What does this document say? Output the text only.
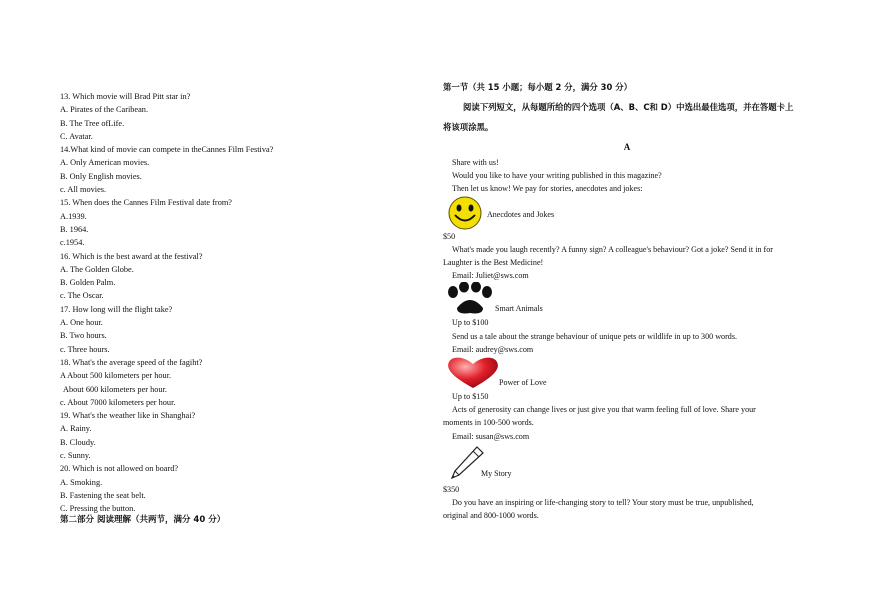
13. Which movie will Brad Pitt star in?
A. Pirates of the Caribean.
B. The Tree ofLife.
C. Avatar.
14.What kind of movie can compete in theCannes Film Festiva?
A. Only American movies.
B. Only English movies.
c. All movies.
15. When does the Cannes Film Festival date from?
A.1939.
B. 1964.
c.1954.
16. Which is the best award at the festival?
A. The Golden Globe.
B. Golden Palm.
c. The Oscar.
17. How long will the flight take?
A. One hour.
B. Two hours.
c. Three hours.
18. What's the average speed of the fagiht?
A About 500 kilometers per hour.
About 600 kilometers per hour.
c. About 7000 kilometers per hour.
19. What's the weather like in Shanghai?
A. Rainy.
B. Cloudy.
c. Sunny.
20. Which is not allowed on board?
A. Smoking.
B. Fastening the seat belt.
C. Pressing the button.
第二部分 阅读理解（共两节，满分 40 分）
第一节（共 15 小题；每小题 2 分，满分 30 分）
阅读下列短文，从每题所给的四个选项（A、B、C和 D）中选出最佳选项，并在答题卡上
将该项涂黑。
A
Share with us!
Would you like to have your writing published in this magazine?
Then let us know! We pay for stories, anecdotes and jokes:
Anecdotes and Jokes
$50
What's made you laugh recently? A funny sign? A colleague's behaviour? Got a joke? Send it in for
Laughter is the Best Medicine!
Email: Juliet@sws.com
Smart Animals
Up to $100
Send us a tale about the strange behaviour of unique pets or wildlife in up to 300 words.
Email: audrey@sws.com
Power of Love
Up to $150
Acts of generosity can change lives or just give you that warm feeling full of love. Share your
moments in 100-500 words.
Email: susan@sws.com
My Story
$350
Do you have an inspiring or life-changing story to tell? Your story must be true, unpublished,
original and 800-1000 words.
